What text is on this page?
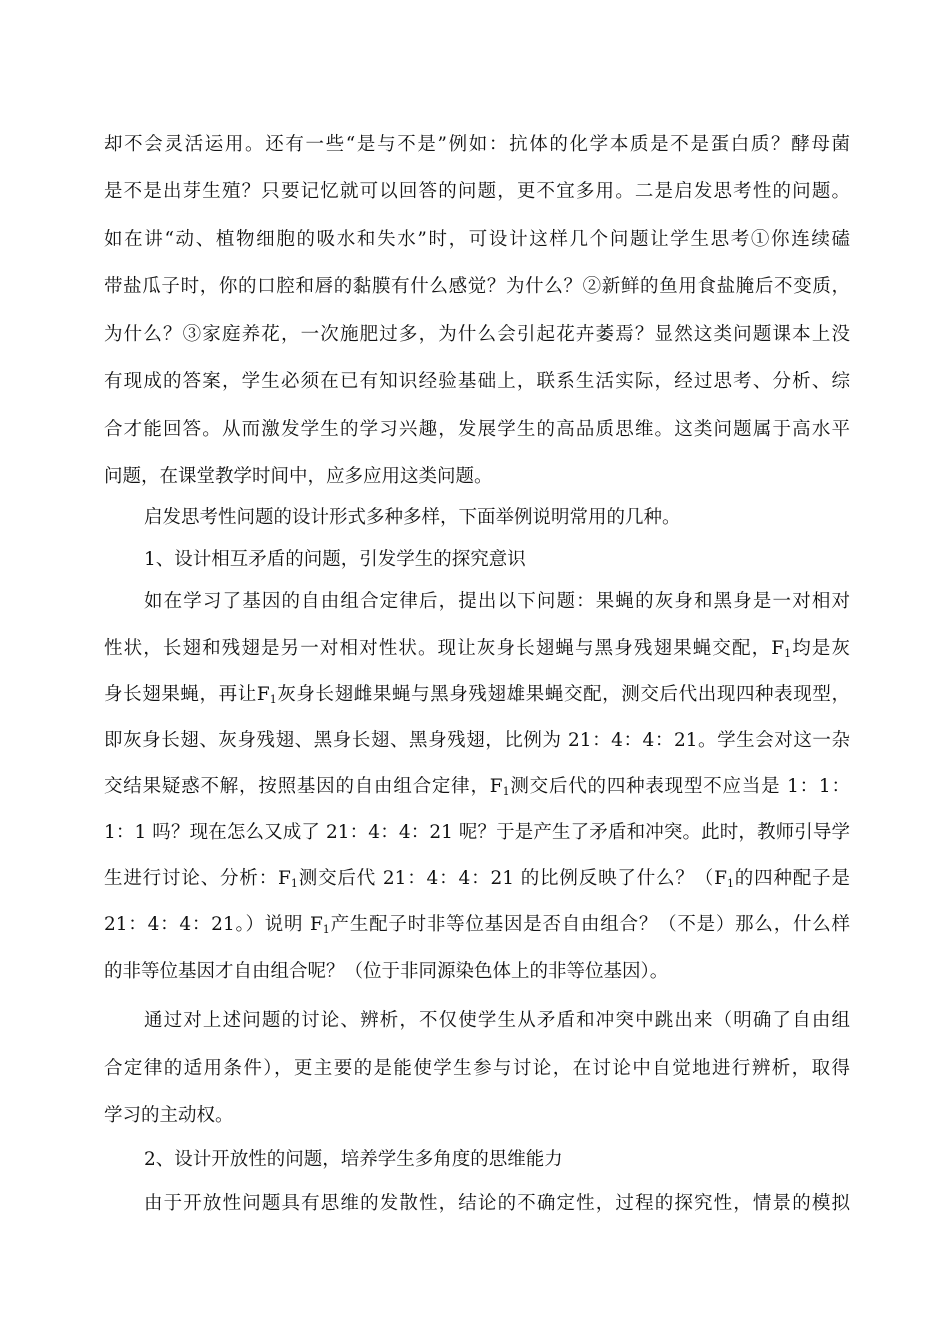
却不会灵活运用。还有一些“是与不是”例如：抗体的化学本质是不是蛋白质？酵母菌
是不是出芽生殖？只要记忆就可以回答的问题，更不宜多用。二是启发思考性的问题。
如在讲“动、植物细胞的吸水和失水”时，可设计这样几个问题让学生思考①你连续磕
带盐瓜子时，你的口腔和唇的黏膜有什么感觉？为什么？②新鲜的鱼用食盐腌后不变质，
为什么？③家庭养花，一次施肥过多，为什么会引起花卉萎焉？显然这类问题课本上没
有现成的答案，学生必须在已有知识经验基础上，联系生活实际，经过思考、分析、综
合才能回答。从而激发学生的学习兴趣，发展学生的高品质思维。这类问题属于高水平
问题，在课堂教学时间中，应多应用这类问题。
启发思考性问题的设计形式多种多样，下面举例说明常用的几种。
1、设计相互矛盾的问题，引发学生的探究意识
如在学习了基因的自由组合定律后，提出以下问题：果蝇的灰身和黑身是一对相对
性状，长翅和残翅是另一对相对性状。现让灰身长翅蝇与黑身残翅果蝇交配，$F_1$均是灰
身长翅果蝇，再让$F_1$灰身长翅雌果蝇与黑身残翅雄果蝇交配，测交后代出现四种表现型，
即灰身长翅、灰身残翅、黑身长翅、黑身残翅，比例为 21：4：4：21。学生会对这一杂
交结果疑惑不解，按照基因的自由组合定律，$F_1$测交后代的四种表现型不应当是 1：1：
1：1 吗？现在怎么又成了 21：4：4：21 呢？于是产生了矛盾和冲突。此时，教师引导学
生进行讨论、分析：$F_1$测交后代 21：4：4：21 的比例反映了什么？（$F_1$的四种配子是
21：4：4：21。）说明 $F_1$产生配子时非等位基因是否自由组合？（不是）那么，什么样
的非等位基因才自由组合呢？（位于非同源染色体上的非等位基因）。
通过对上述问题的讨论、辨析，不仅使学生从矛盾和冲突中跳出来（明确了自由组
合定律的适用条件），更主要的是能使学生参与讨论，在讨论中自觉地进行辨析，取得
学习的主动权。
2、设计开放性的问题，培养学生多角度的思维能力
由于开放性问题具有思维的发散性，结论的不确定性，过程的探究性，情景的模拟
